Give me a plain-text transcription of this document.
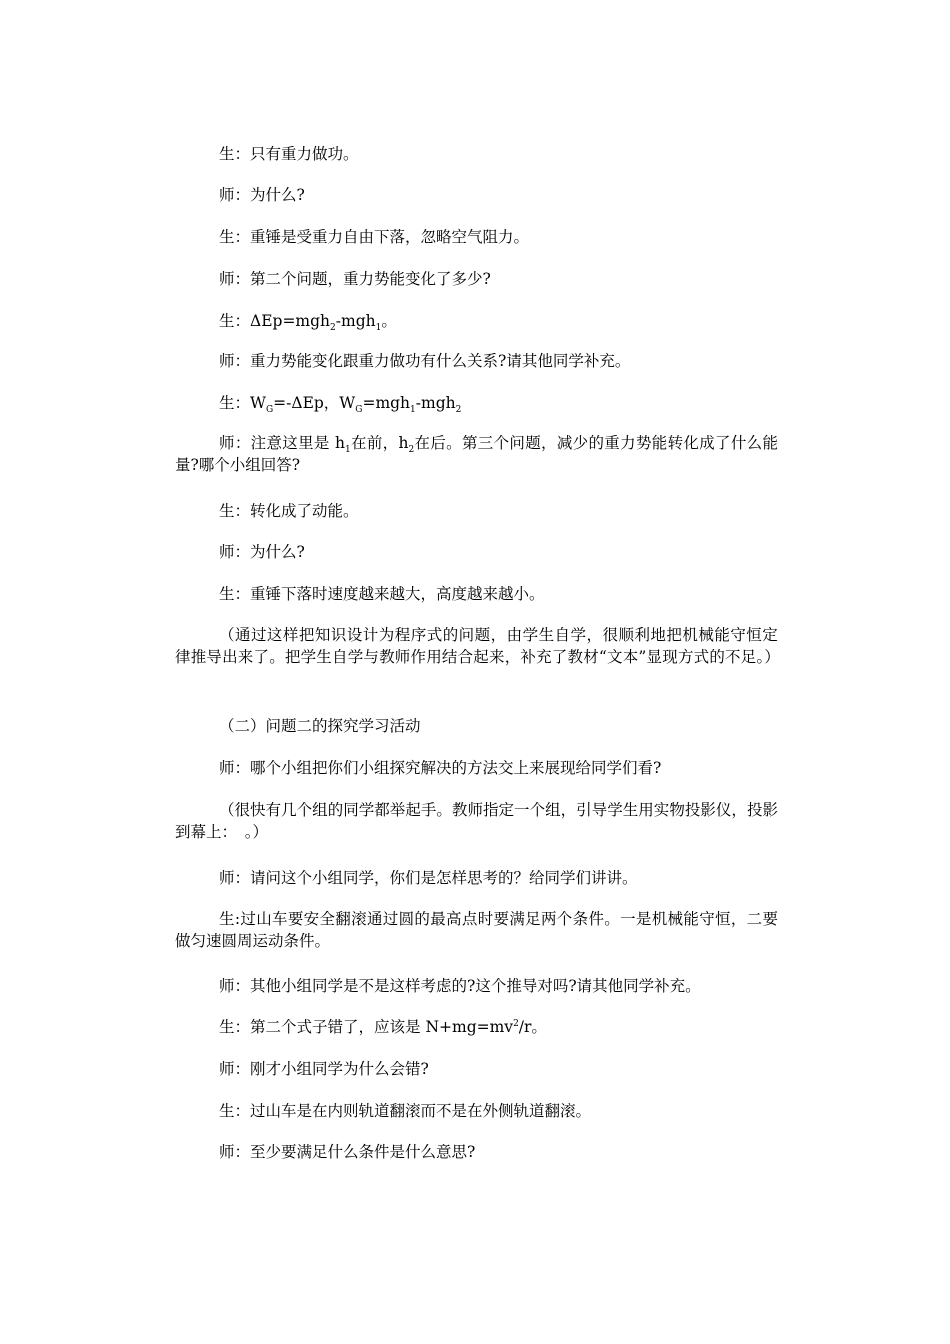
生：只有重力做功。

师：为什么?

生：重锤是受重力自由下落，忽略空气阻力。

师：第二个问题，重力势能变化了多少?

生：ΔEp=mgh$_2$-mgh$_1$。

师：重力势能变化跟重力做功有什么关系?请其他同学补充。

生：$W_G=$-ΔEp，$W_G=mgh_1-mgh_2$

师：注意这里是 $h_1$在前，$h_2$在后。第三个问题，减少的重力势能转化成了什么能量?哪个小组回答?

生：转化成了动能。

师：为什么?

生：重锤下落时速度越来越大，高度越来越小。

（通过这样把知识设计为程序式的问题，由学生自学，很顺利地把机械能守恒定律推导出来了。把学生自学与教师作用结合起来，补充了教材“文本”显现方式的不足。）

（二）问题二的探究学习活动

师：哪个小组把你们小组探究解决的方法交上来展现给同学们看?

（很快有几个组的同学都举起手。教师指定一个组，引导学生用实物投影仪，投影到幕上：　。）

师：请问这个小组同学，你们是怎样思考的？给同学们讲讲。

生:过山车要安全翻滚通过圆的最高点时要满足两个条件。一是机械能守恒，二要做匀速圆周运动条件。

师：其他小组同学是不是这样考虑的?这个推导对吗?请其他同学补充。

生：第二个式子错了，应该是 $N+mg=mv^2/r$。

师：刚才小组同学为什么会错?

生：过山车是在内则轨道翻滚而不是在外侧轨道翻滚。

师：至少要满足什么条件是什么意思?
